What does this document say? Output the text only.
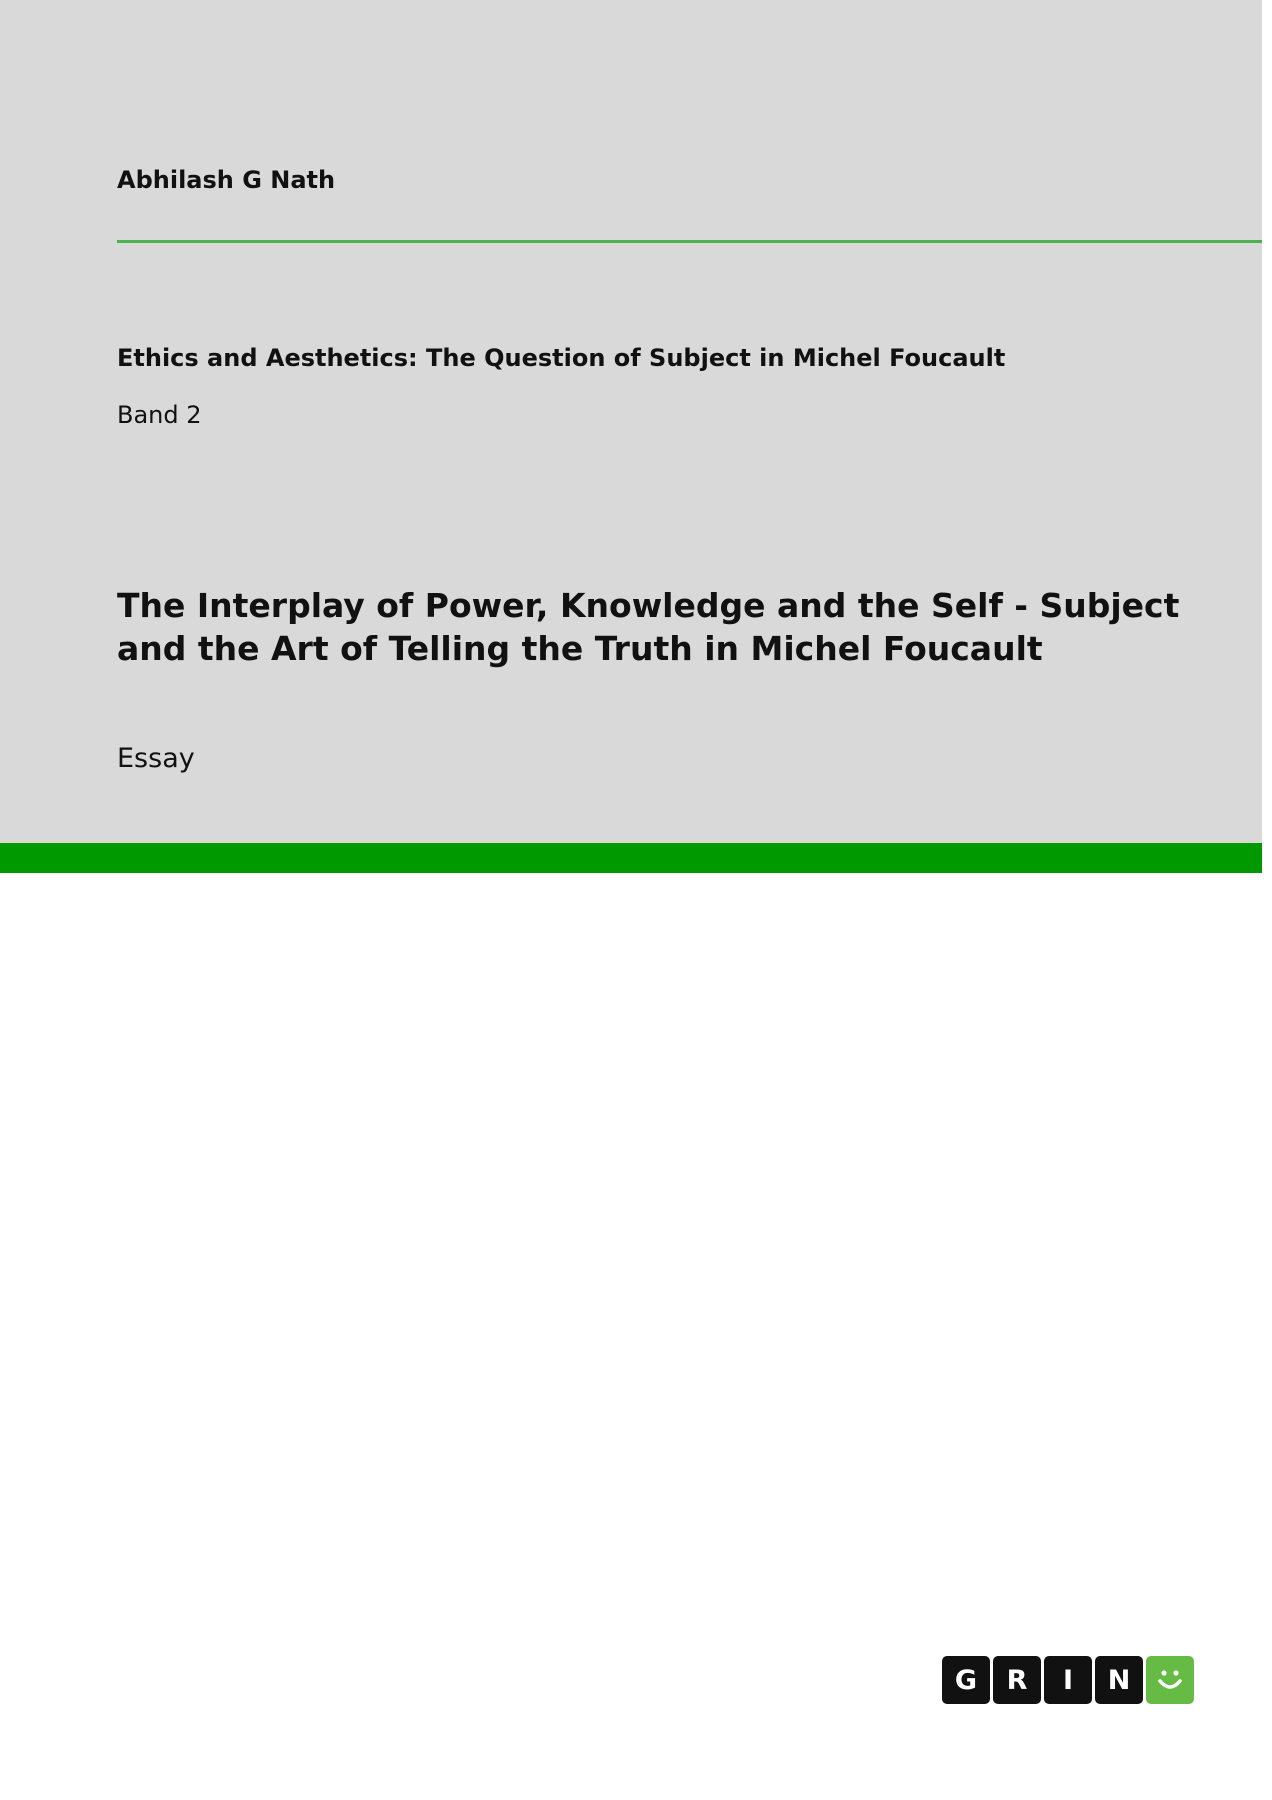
Abhilash G Nath
Ethics and Aesthetics: The Question of Subject in Michel Foucault
Band 2
The Interplay of Power, Knowledge and the Self - Subject
and the Art of Telling the Truth in Michel Foucault
Essay
G	R	I	N
